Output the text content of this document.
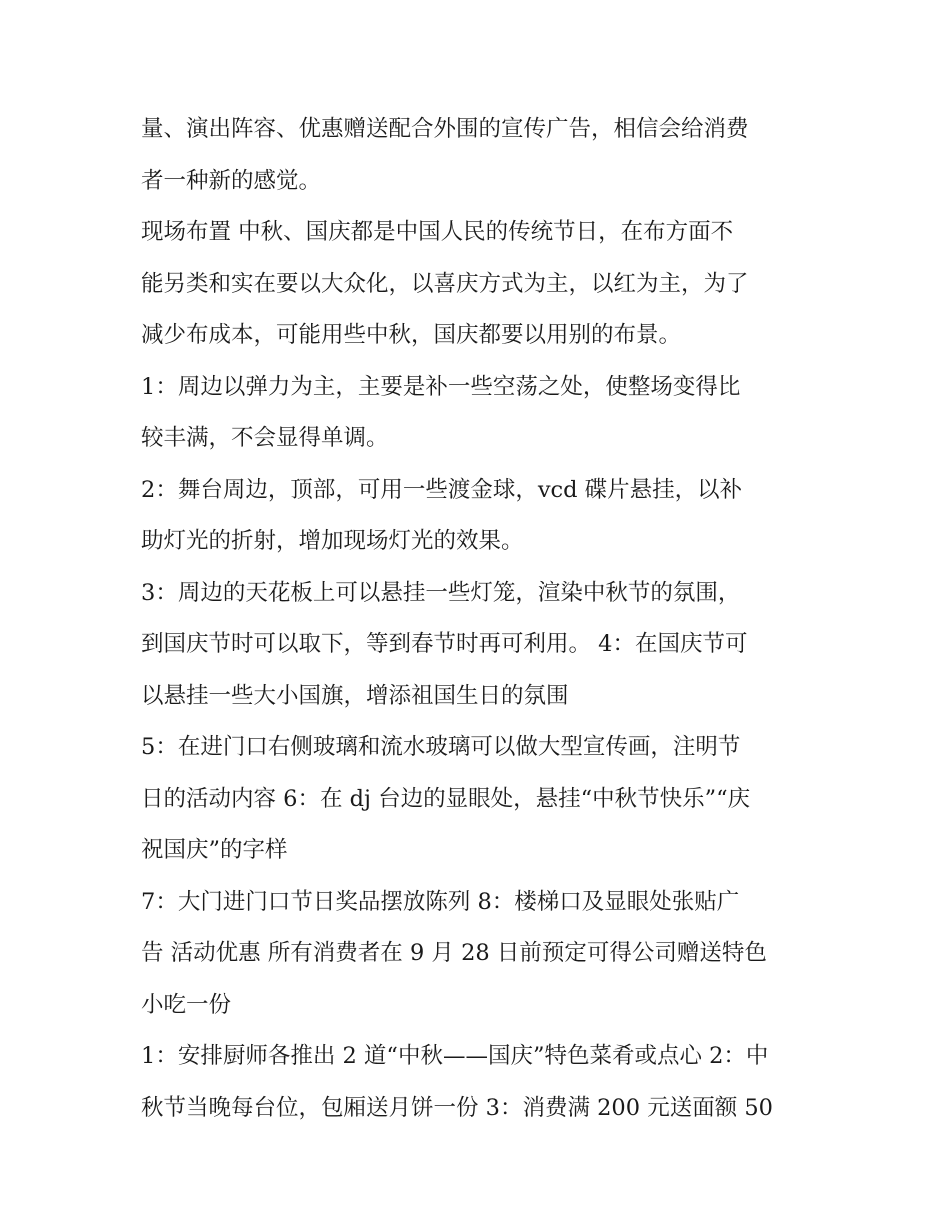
量、演出阵容、优惠赠送配合外围的宣传广告，相信会给消费
者一种新的感觉。

现场布置 中秋、国庆都是中国人民的传统节日，在布方面不
能另类和实在要以大众化，以喜庆方式为主，以红为主，为了
减少布成本，可能用些中秋，国庆都要以用别的布景。

1：周边以弹力为主，主要是补一些空荡之处，使整场变得比
较丰满，不会显得单调。

2：舞台周边，顶部，可用一些渡金球，vcd 碟片悬挂，以补
助灯光的折射，增加现场灯光的效果。

3：周边的天花板上可以悬挂一些灯笼，渲染中秋节的氛围，
到国庆节时可以取下，等到春节时再可利用。 4：在国庆节可
以悬挂一些大小国旗，增添祖国生日的氛围

5：在进门口右侧玻璃和流水玻璃可以做大型宣传画，注明节
日的活动内容 6：在 dj 台边的显眼处，悬挂“中秋节快乐”“庆
祝国庆”的字样

7：大门进门口节日奖品摆放陈列 8：楼梯口及显眼处张贴广
告 活动优惠 所有消费者在 9 月 28 日前预定可得公司赠送特色
小吃一份

1：安排厨师各推出 2 道“中秋——国庆”特色菜肴或点心 2：中
秋节当晚每台位，包厢送月饼一份 3：消费满 200 元送面额 50
